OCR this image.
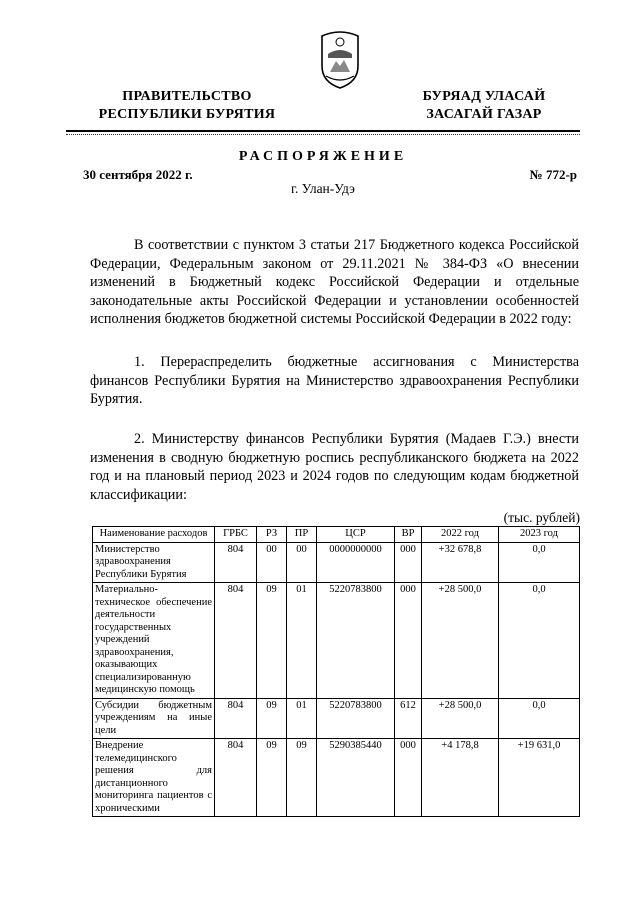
ПРАВИТЕЛЬСТВО
РЕСПУБЛИКИ БУРЯТИЯ
БУРЯАД УЛАСАЙ
ЗАСАГАЙ ГАЗАР
РАСПОРЯЖЕНИЕ
30 сентября 2022 г.	№ 772-р
г. Улан-Удэ

В соответствии с пунктом 3 статьи 217 Бюджетного кодекса Российской Федерации, Федеральным законом от 29.11.2021 № 384-ФЗ «О внесении изменений в Бюджетный кодекс Российской Федерации и отдельные законодательные акты Российской Федерации и установлении особенностей исполнения бюджетов бюджетной системы Российской Федерации в 2022 году:

1. Перераспределить бюджетные ассигнования с Министерства финансов Республики Бурятия на Министерство здравоохранения Республики Бурятия.

2. Министерству финансов Республики Бурятия (Мадаев Г.Э.) внести изменения в сводную бюджетную роспись республиканского бюджета на 2022 год и на плановый период 2023 и 2024 годов по следующим кодам бюджетной классификации:

(тыс. рублей)
Наименование расходов	ГРБС	РЗ	ПР	ЦСР	ВР	2022 год	2023 год
Министерство здравоохранения Республики Бурятия	804	00	00	0000000000	000	+32 678,8	0,0
Материально-техническое обеспечение деятельности государственных учреждений здравоохранения, оказывающих специализированную медицинскую помощь	804	09	01	5220783800	000	+28 500,0	0,0
Субсидии бюджетным учреждениям на иные цели	804	09	01	5220783800	612	+28 500,0	0,0
Внедрение телемедицинского решения для дистанционного мониторинга пациентов с хроническими	804	09	09	5290385440	000	+4 178,8	+19 631,0
